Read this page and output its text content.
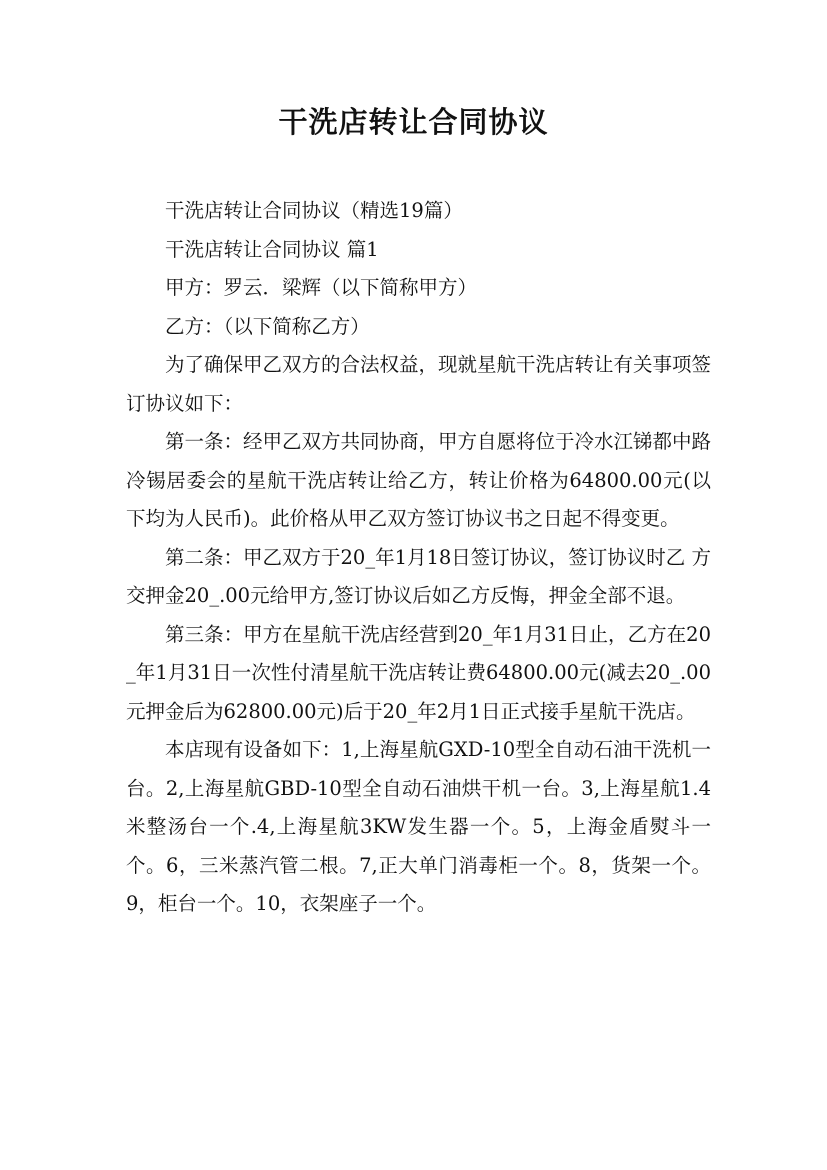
干洗店转让合同协议

干洗店转让合同协议（精选19篇）

干洗店转让合同协议 篇1

甲方：罗云．梁辉（以下简称甲方）

乙方：（以下简称乙方）

为了确保甲乙双方的合法权益，现就星航干洗店转让有关事项签订协议如下：

第一条：经甲乙双方共同协商，甲方自愿将位于冷水江锑都中路冷锡居委会的星航干洗店转让给乙方，转让价格为64800.00元(以下均为人民币)。此价格从甲乙双方签订协议书之日起不得变更。

第二条：甲乙双方于20_年1月18日签订协议，签订协议时乙 方交押金20_.00元给甲方,签订协议后如乙方反悔，押金全部不退。

第三条：甲方在星航干洗店经营到20_年1月31日止，乙方在20_年1月31日一次性付清星航干洗店转让费64800.00元(减去20_.00元押金后为62800.00元)后于20_年2月1日正式接手星航干洗店。

本店现有设备如下：1,上海星航GXD-10型全自动石油干洗机一台。2,上海星航GBD-10型全自动石油烘干机一台。3,上海星航1.4米整汤台一个.4,上海星航3KW发生器一个。5，上海金盾熨斗一个。6，三米蒸汽管二根。7,正大单门消毒柜一个。8，货架一个。9，柜台一个。10，衣架座子一个。
